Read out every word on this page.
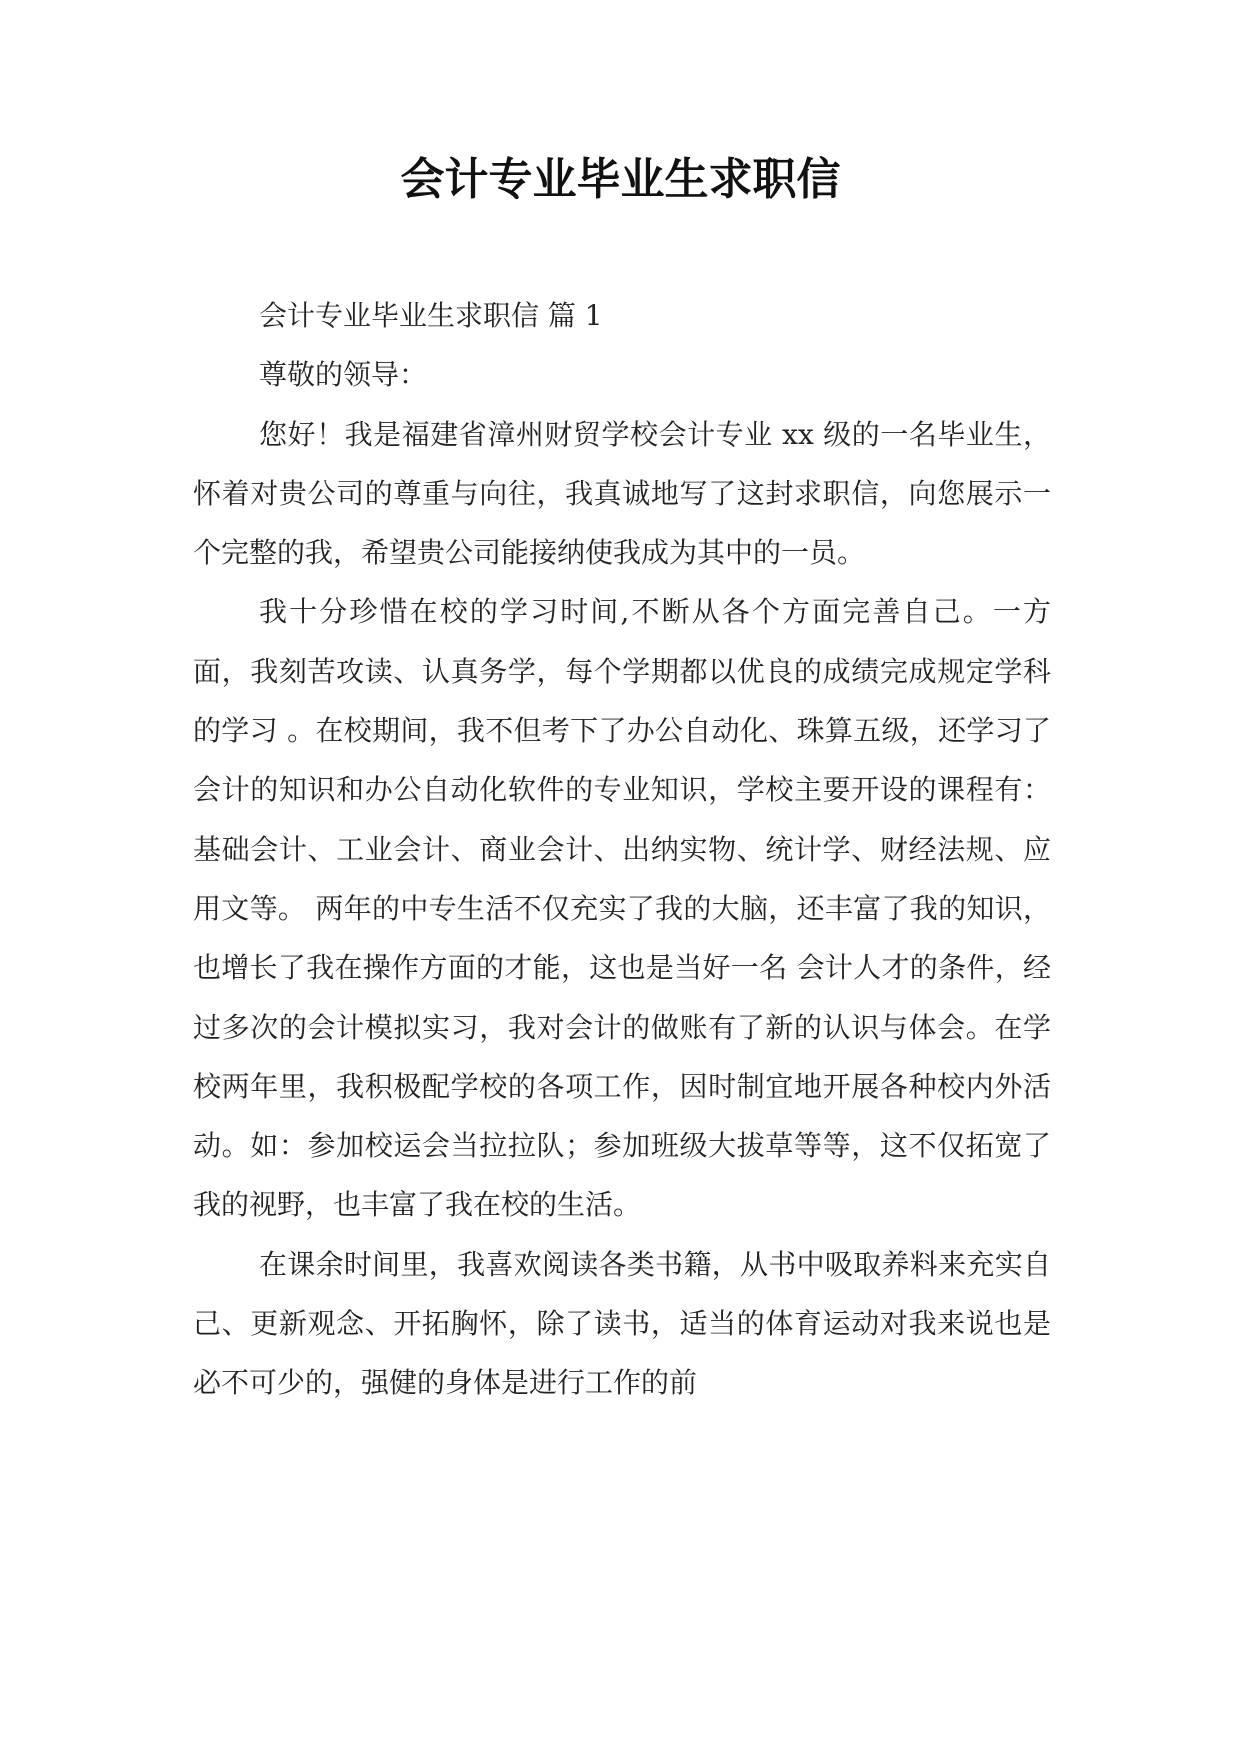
会计专业毕业生求职信

会计专业毕业生求职信 篇 1

尊敬的领导：

您好！我是福建省漳州财贸学校会计专业 xx 级的一名毕业生，怀着对贵公司的尊重与向往，我真诚地写了这封求职信，向您展示一个完整的我，希望贵公司能接纳使我成为其中的一员。

我十分珍惜在校的学习时间,不断从各个方面完善自己。一方面，我刻苦攻读、认真务学，每个学期都以优良的成绩完成规定学科的学习 。在校期间，我不但考下了办公自动化、珠算五级，还学习了会计的知识和办公自动化软件的专业知识，学校主要开设的课程有：基础会计、工业会计、商业会计、出纳实物、统计学、财经法规、应用文等。 两年的中专生活不仅充实了我的大脑，还丰富了我的知识，也增长了我在操作方面的才能，这也是当好一名 会计人才的条件，经过多次的会计模拟实习，我对会计的做账有了新的认识与体会。在学校两年里，我积极配学校的各项工作，因时制宜地开展各种校内外活动。如：参加校运会当拉拉队；参加班级大拔草等等，这不仅拓宽了我的视野，也丰富了我在校的生活。

在课余时间里，我喜欢阅读各类书籍，从书中吸取养料来充实自己、更新观念、开拓胸怀，除了读书，适当的体育运动对我来说也是必不可少的，强健的身体是进行工作的前
